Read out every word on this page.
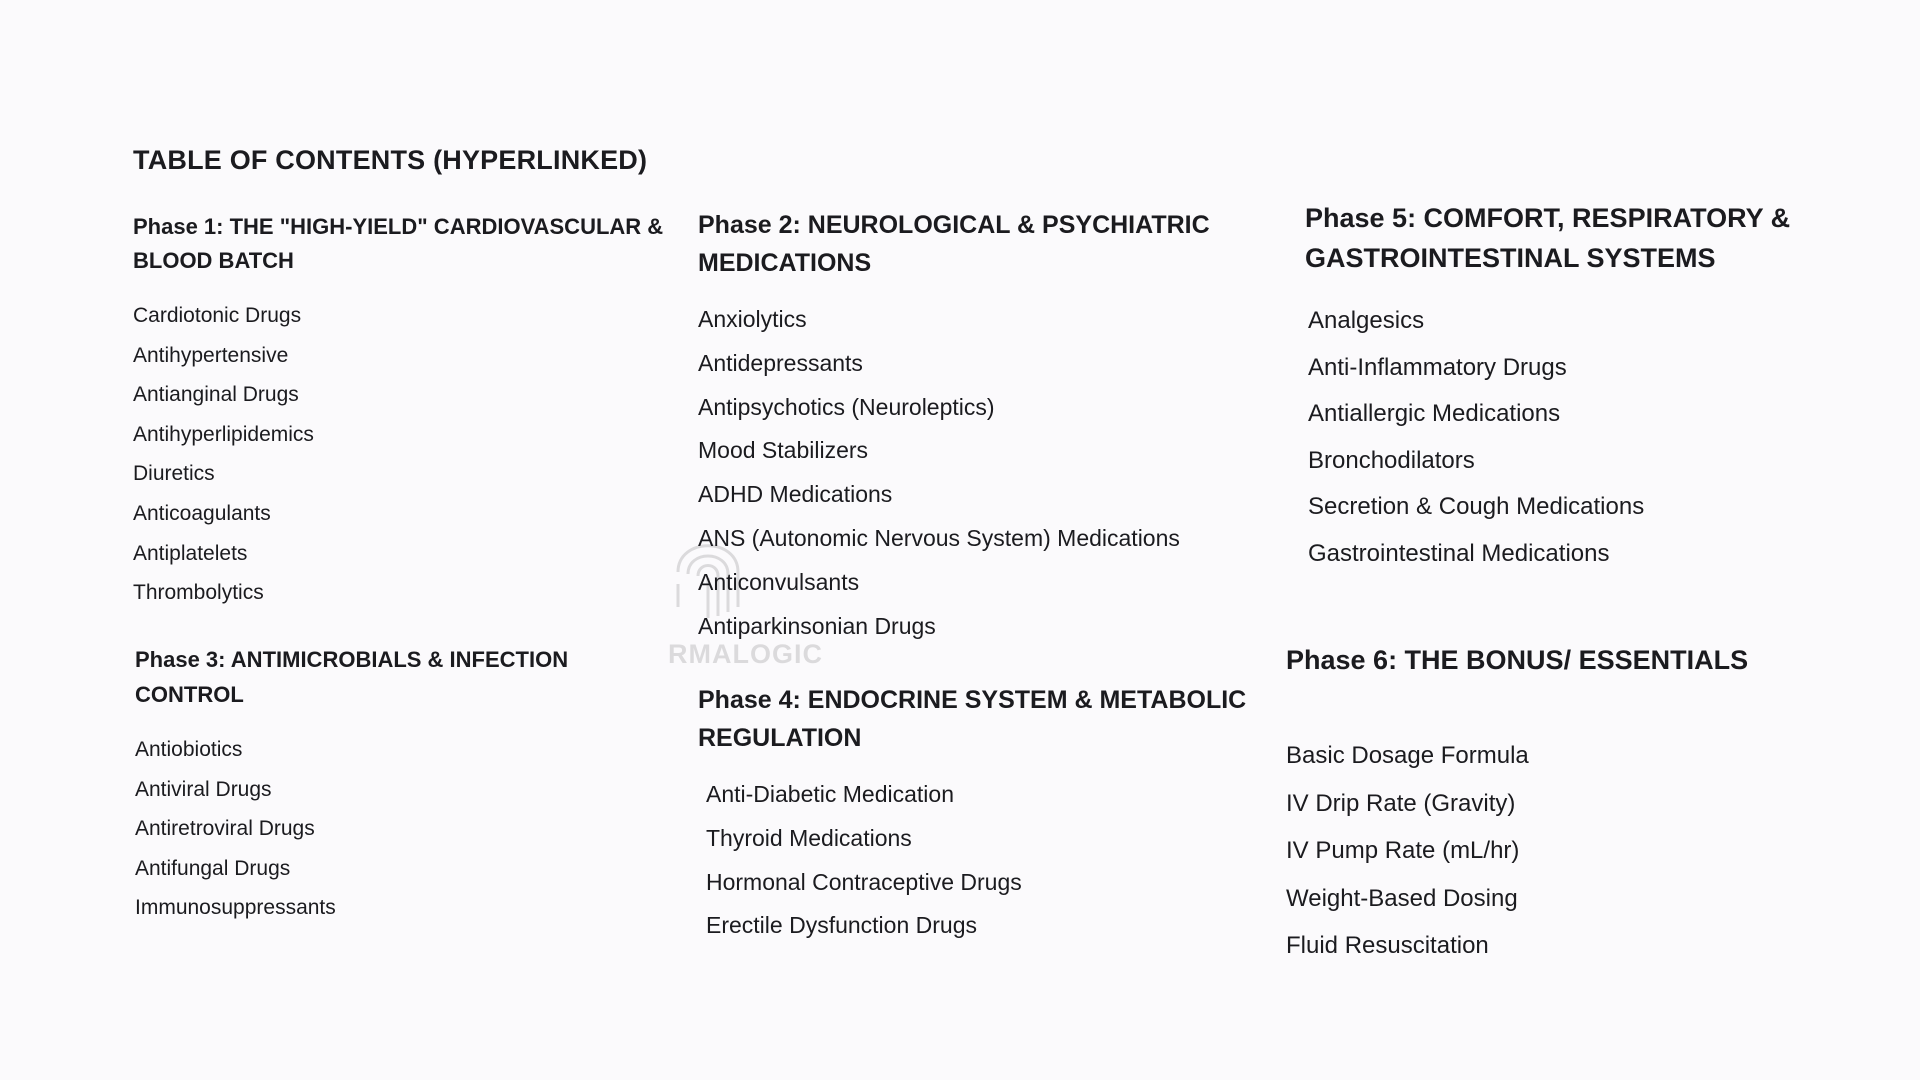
TABLE OF CONTENTS (HYPERLINKED)
RMALOGIC
Phase 1: THE "HIGH-YIELD" CARDIOVASCULAR & BLOOD BATCH
Cardiotonic Drugs
Antihypertensive
Antianginal Drugs
Antihyperlipidemics
Diuretics
Anticoagulants
Antiplatelets
Thrombolytics
Phase 3: ANTIMICROBIALS & INFECTION CONTROL
Antiobiotics
Antiviral Drugs
Antiretroviral Drugs
Antifungal Drugs
Immunosuppressants
Phase 2: NEUROLOGICAL & PSYCHIATRIC MEDICATIONS
Anxiolytics
Antidepressants
Antipsychotics (Neuroleptics)
Mood Stabilizers
ADHD Medications
ANS (Autonomic Nervous System) Medications
Anticonvulsants
Antiparkinsonian Drugs
Phase 4: ENDOCRINE SYSTEM & METABOLIC REGULATION
Anti-Diabetic Medication
Thyroid Medications
Hormonal Contraceptive Drugs
Erectile Dysfunction Drugs
Phase 5: COMFORT, RESPIRATORY & GASTROINTESTINAL SYSTEMS
Analgesics
Anti-Inflammatory Drugs
Antiallergic Medications
Bronchodilators
Secretion & Cough Medications
Gastrointestinal Medications
Phase 6: THE BONUS/ ESSENTIALS
Basic Dosage Formula
IV Drip Rate (Gravity)
IV Pump Rate (mL/hr)
Weight-Based Dosing
Fluid Resuscitation
